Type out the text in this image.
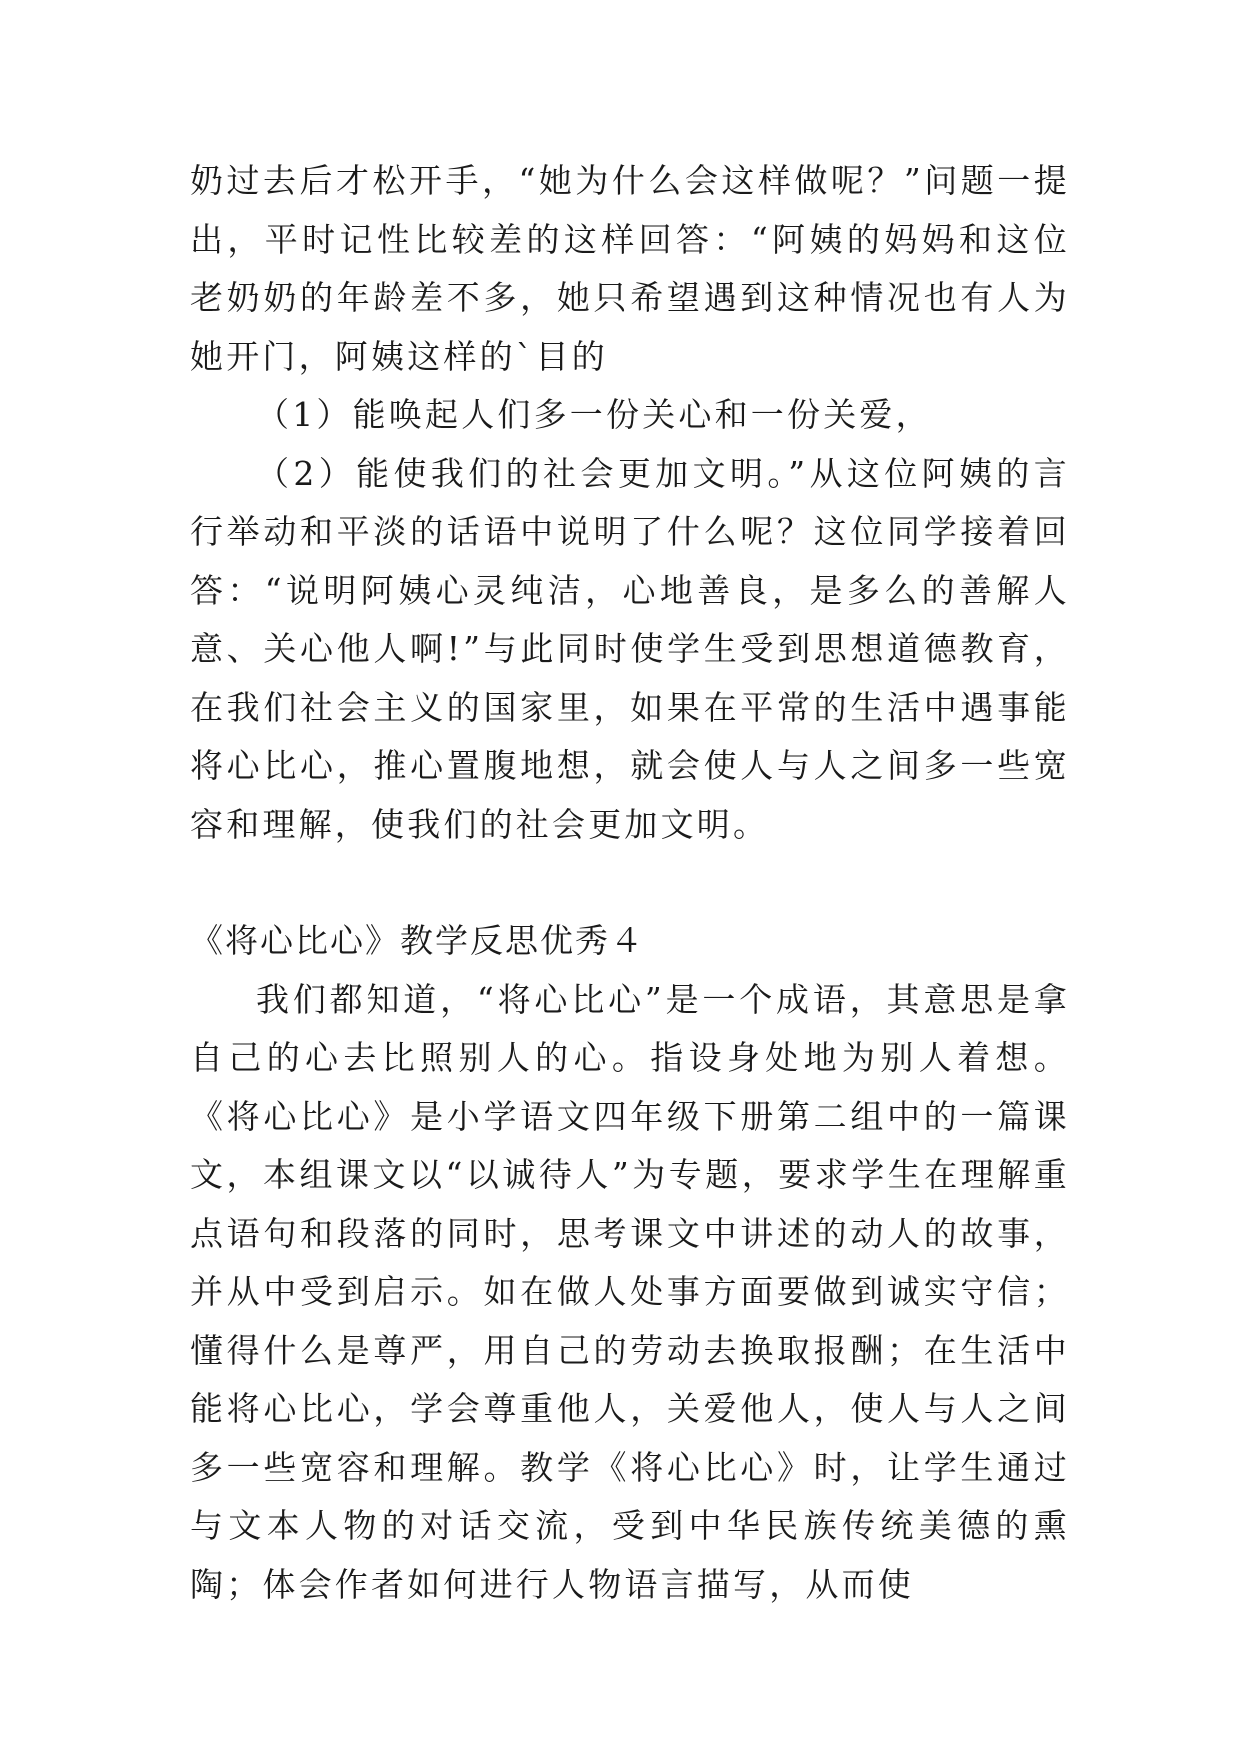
奶过去后才松开手，“她为什么会这样做呢？”问题一提出，平时记性比较差的这样回答：“阿姨的妈妈和这位老奶奶的年龄差不多，她只希望遇到这种情况也有人为她开门，阿姨这样的`目的

（1）能唤起人们多一份关心和一份关爱，

（2）能使我们的社会更加文明。”从这位阿姨的言行举动和平淡的话语中说明了什么呢？这位同学接着回答：“说明阿姨心灵纯洁，心地善良，是多么的善解人意、关心他人啊!”与此同时使学生受到思想道德教育，在我们社会主义的国家里，如果在平常的生活中遇事能将心比心，推心置腹地想，就会使人与人之间多一些宽容和理解，使我们的社会更加文明。

《将心比心》教学反思优秀４

我们都知道，“将心比心”是一个成语，其意思是拿自己的心去比照别人的心。指设身处地为别人着想。《将心比心》是小学语文四年级下册第二组中的一篇课文，本组课文以“以诚待人”为专题，要求学生在理解重点语句和段落的同时，思考课文中讲述的动人的故事，并从中受到启示。如在做人处事方面要做到诚实守信；懂得什么是尊严，用自己的劳动去换取报酬；在生活中能将心比心，学会尊重他人，关爱他人，使人与人之间多一些宽容和理解。教学《将心比心》时，让学生通过与文本人物的对话交流，受到中华民族传统美德的熏陶；体会作者如何进行人物语言描写，从而使
